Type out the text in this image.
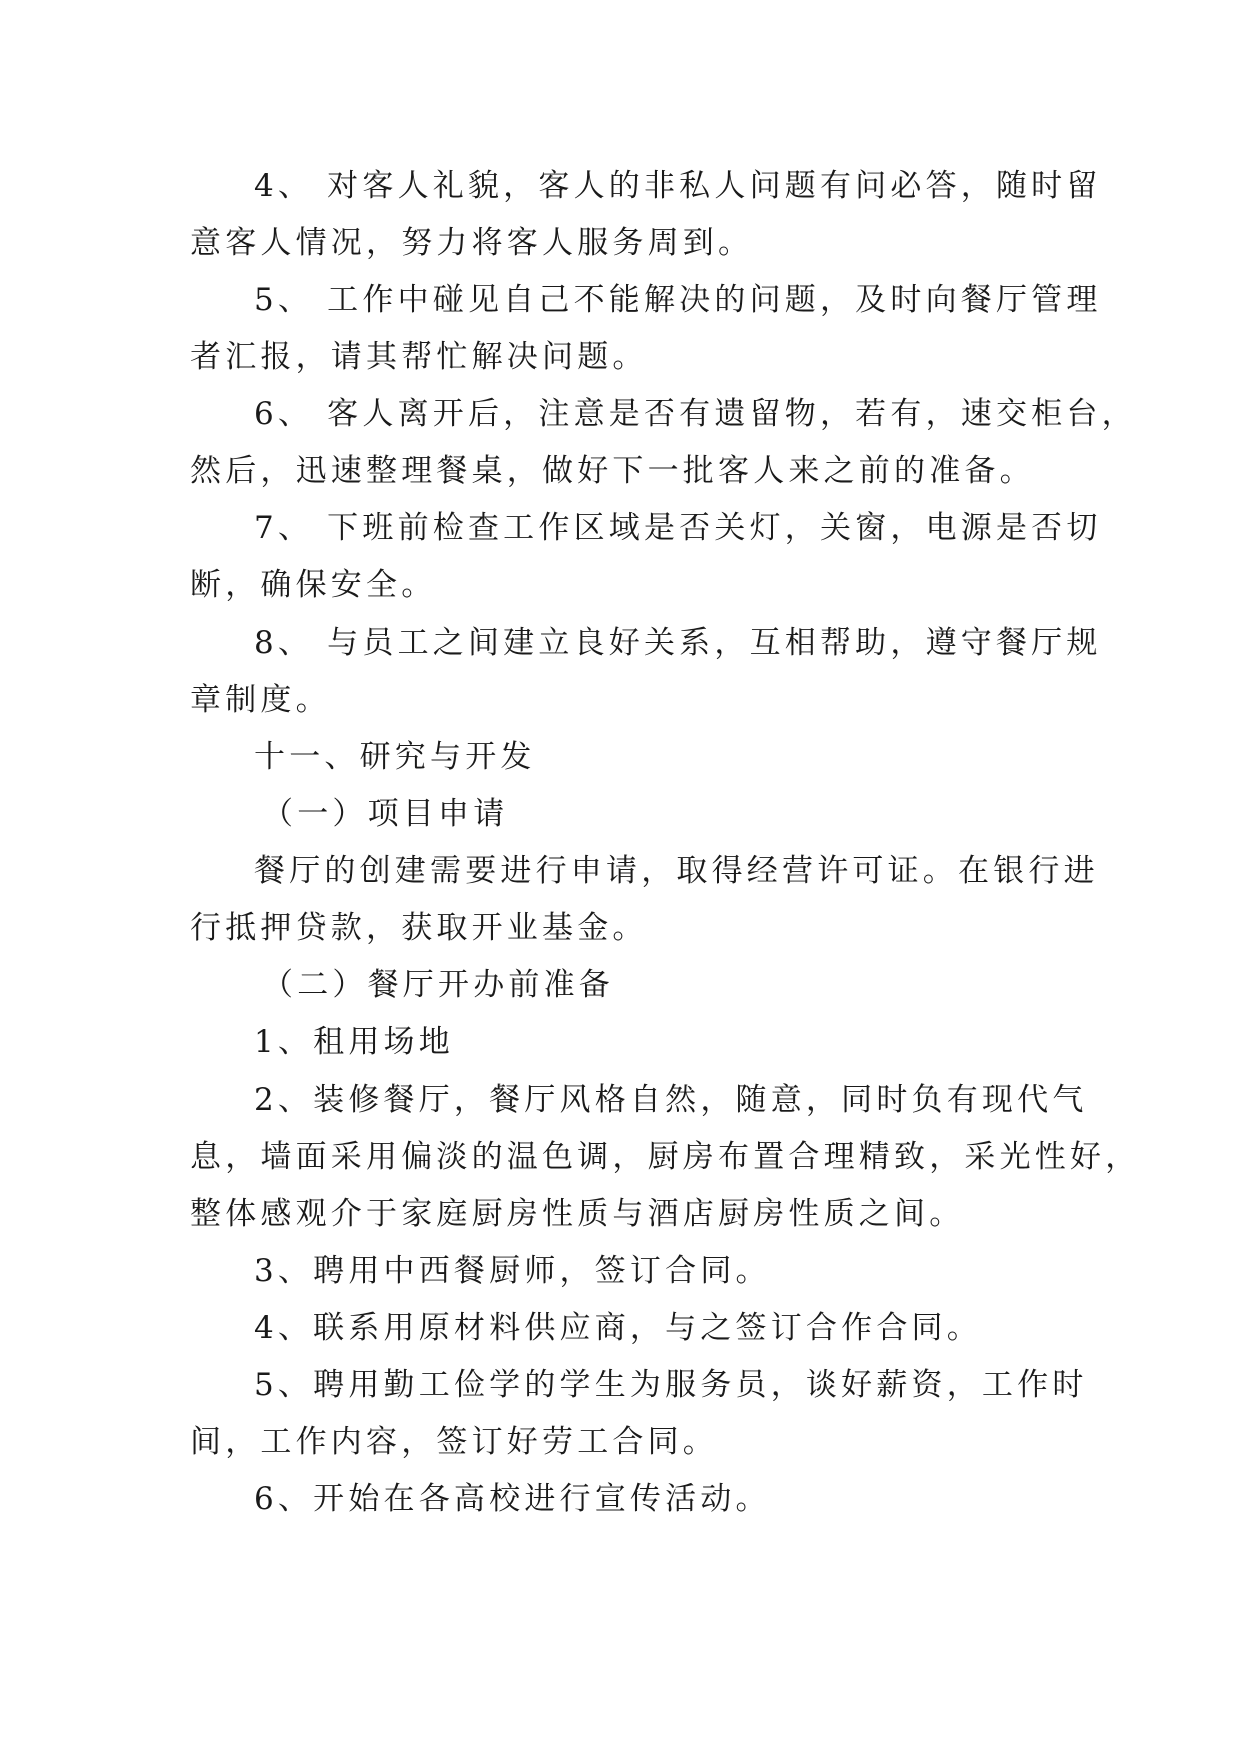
4、 对客人礼貌，客人的非私人问题有问必答，随时留
意客人情况，努力将客人服务周到。
5、 工作中碰见自己不能解决的问题，及时向餐厅管理
者汇报，请其帮忙解决问题。
6、 客人离开后，注意是否有遗留物，若有，速交柜台，
然后，迅速整理餐桌，做好下一批客人来之前的准备。
7、 下班前检查工作区域是否关灯，关窗，电源是否切
断，确保安全。
8、 与员工之间建立良好关系，互相帮助，遵守餐厅规
章制度。
十一、研究与开发
（一）项目申请
餐厅的创建需要进行申请，取得经营许可证。在银行进
行抵押贷款，获取开业基金。
（二）餐厅开办前准备
1、租用场地
2、装修餐厅，餐厅风格自然，随意，同时负有现代气
息，墙面采用偏淡的温色调，厨房布置合理精致，采光性好，
整体感观介于家庭厨房性质与酒店厨房性质之间。
3、聘用中西餐厨师，签订合同。
4、联系用原材料供应商，与之签订合作合同。
5、聘用勤工俭学的学生为服务员，谈好薪资，工作时
间，工作内容，签订好劳工合同。
6、开始在各高校进行宣传活动。
